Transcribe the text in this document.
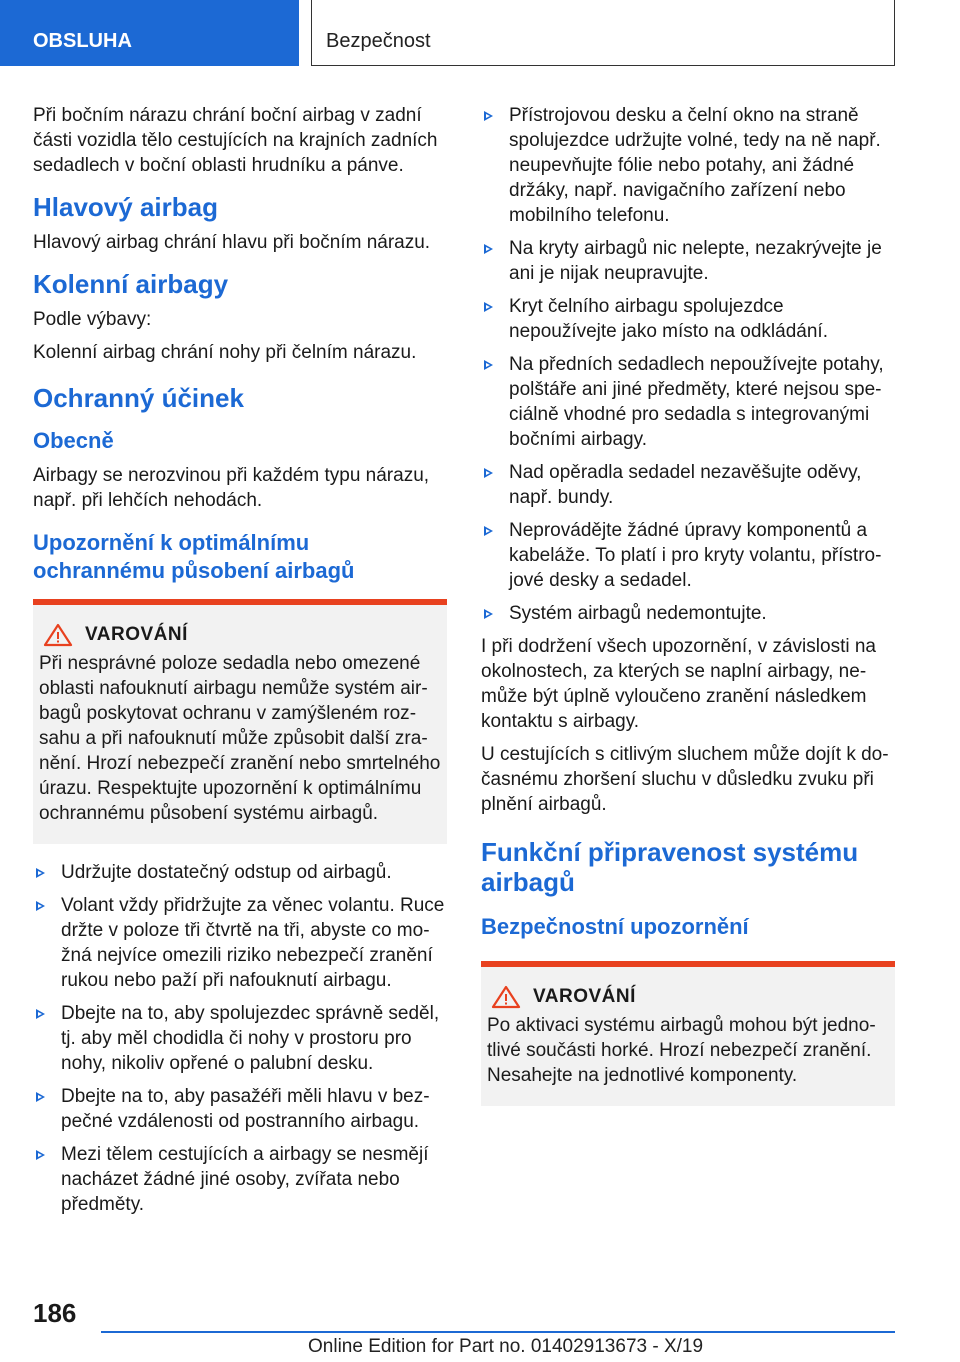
OBSLUHA	Bezpečnost

Při bočním nárazu chrání boční airbag v zadní části vozidla tělo cestujících na krajních zadních sedadlech v boční oblasti hrudníku a pánve.

Hlavový airbag

Hlavový airbag chrání hlavu při bočním nárazu.

Kolenní airbagy

Podle výbavy:

Kolenní airbag chrání nohy při čelním nárazu.

Ochranný účinek
Obecně

Airbagy se nerozvinou při každém typu nárazu, např. při lehčích nehodách.

Upozornění k optimálnímu ochrannému působení airbagů
VAROVÁNÍ

Při nesprávné poloze sedadla nebo omezené oblasti nafouknutí airbagu nemůže systém airbagů poskytovat ochranu v zamýšleném rozsahu a při nafouknutí může způsobit další zranění. Hrozí nebezpečí zranění nebo smrtelného úrazu. Respektujte upozornění k optimálnímu ochrannému působení systému airbagů.

Udržujte dostatečný odstup od airbagů.
Volant vždy přidržujte za věnec volantu. Ruce držte v poloze tři čtvrtě na tři, abyste co možná nejvíce omezili riziko nebezpečí zranění rukou nebo paží při nafouknutí airbagu.
Dbejte na to, aby spolujezdec správně seděl, tj. aby měl chodidla či nohy v prostoru pro nohy, nikoliv opřené o palubní desku.
Dbejte na to, aby pasažéři měli hlavu v bezpečné vzdálenosti od postranního airbagu.
Mezi tělem cestujících a airbagy se nesmějí nacházet žádné jiné osoby, zvířata nebo předměty.
Přístrojovou desku a čelní okno na straně spolujezdce udržujte volné, tedy na ně např. neupevňujte fólie nebo potahy, ani žádné držáky, např. navigačního zařízení nebo mobilního telefonu.
Na kryty airbagů nic nelepte, nezakrývejte je ani je nijak neupravujte.
Kryt čelního airbagu spolujezdce nepoužívejte jako místo na odkládání.
Na předních sedadlech nepoužívejte potahy, polštáře ani jiné předměty, které nejsou speciálně vhodné pro sedadla s integrovanými bočními airbagy.
Nad opěradla sedadel nezavěšujte oděvy, např. bundy.
Neprovádějte žádné úpravy komponentů a kabeláže. To platí i pro kryty volantu, přístrojové desky a sedadel.
Systém airbagů nedemontujte.

I při dodržení všech upozornění, v závislosti na okolnostech, za kterých se naplní airbagy, nemůže být úplně vyloučeno zranění následkem kontaktu s airbagy.

U cestujících s citlivým sluchem může dojít k dočasnému zhoršení sluchu v důsledku zvuku při plnění airbagů.

Funkční připravenost systému airbagů
Bezpečnostní upozornění
VAROVÁNÍ

Po aktivaci systému airbagů mohou být jednotlivé součásti horké. Hrozí nebezpečí zranění. Nesahejte na jednotlivé komponenty.

186
Online Edition for Part no. 01402913673 - X/19
